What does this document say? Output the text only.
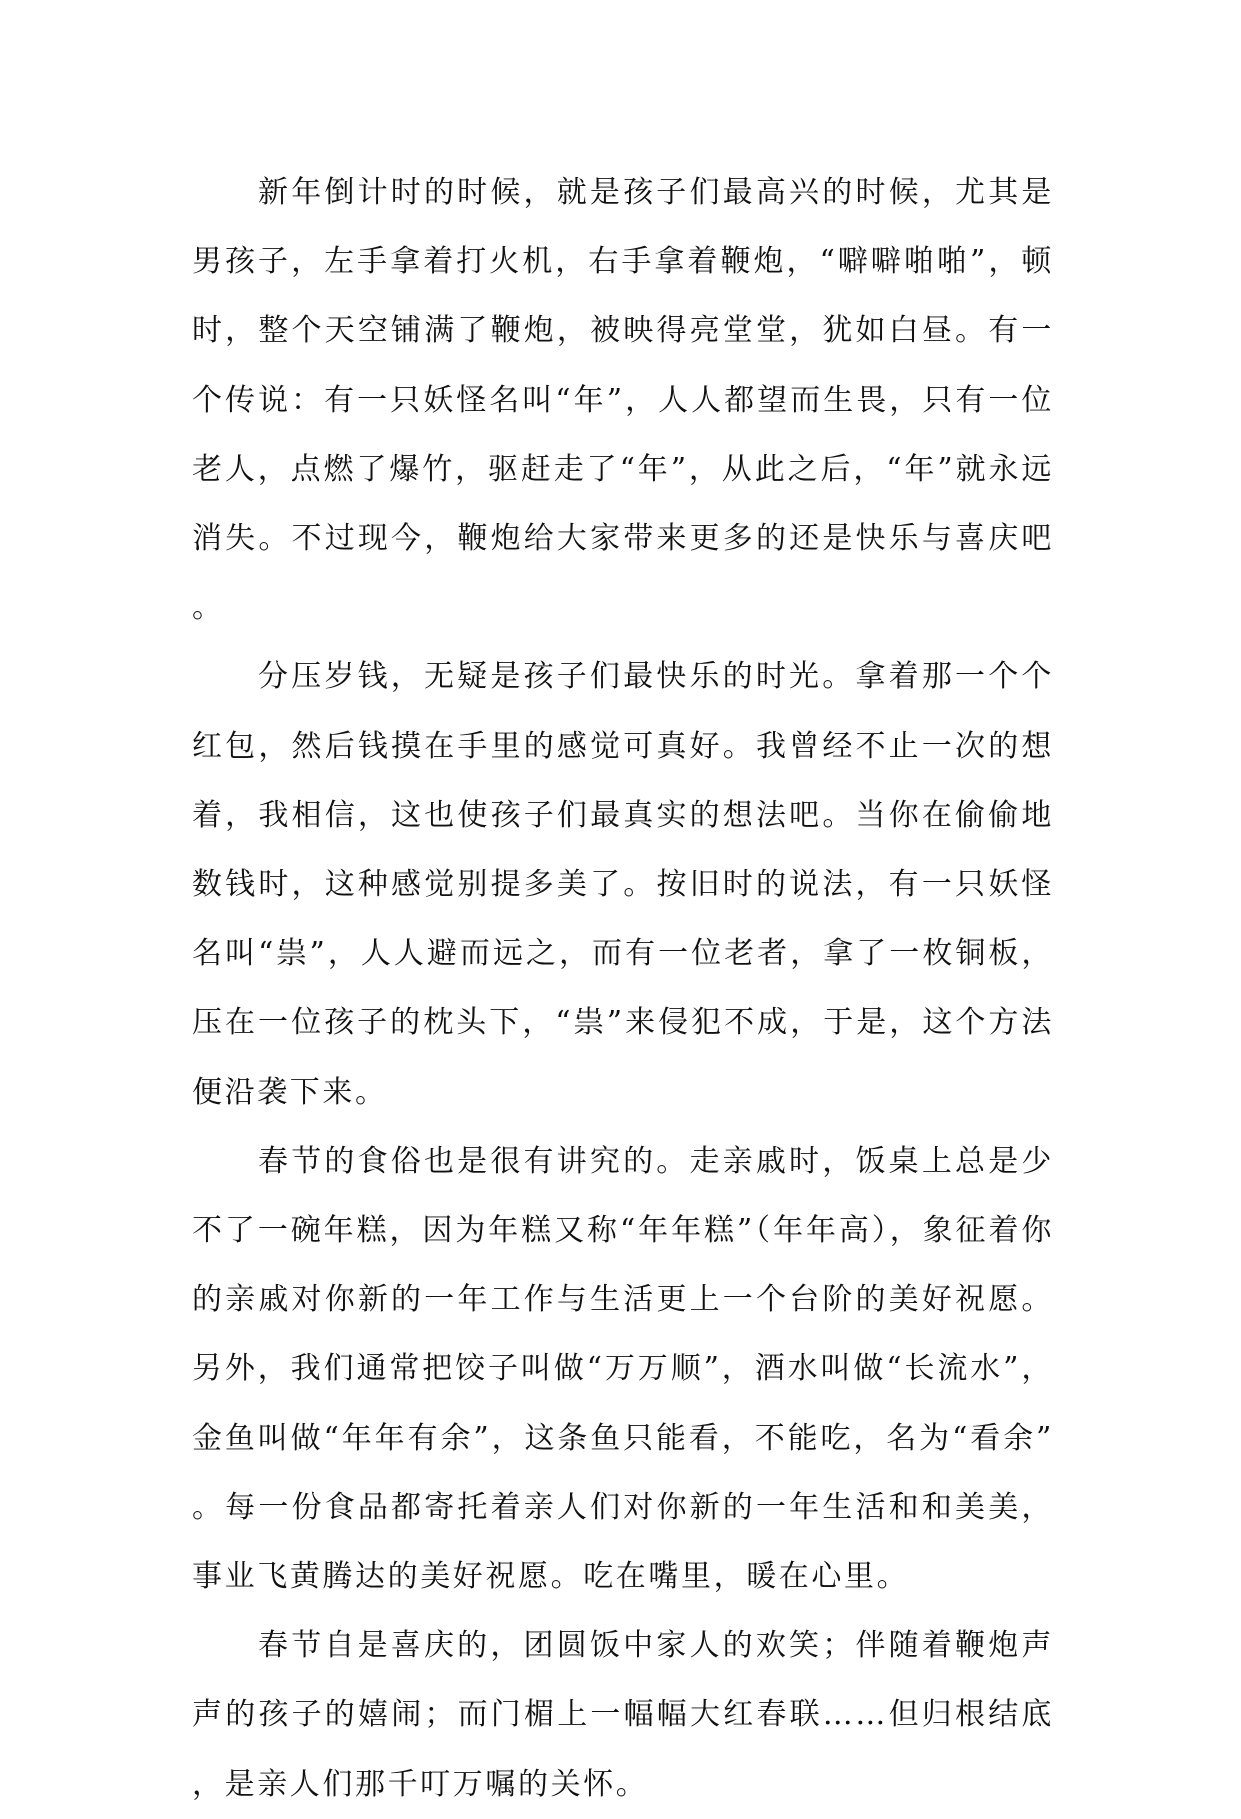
新年倒计时的时候，就是孩子们最高兴的时候，尤其是男孩子，左手拿着打火机，右手拿着鞭炮，“噼噼啪啪”，顿时，整个天空铺满了鞭炮，被映得亮堂堂，犹如白昼。有一个传说：有一只妖怪名叫“年”，人人都望而生畏，只有一位老人，点燃了爆竹，驱赶走了“年”，从此之后，“年”就永远消失。不过现今，鞭炮给大家带来更多的还是快乐与喜庆吧。

分压岁钱，无疑是孩子们最快乐的时光。拿着那一个个红包，然后钱摸在手里的感觉可真好。我曾经不止一次的想着，我相信，这也使孩子们最真实的想法吧。当你在偷偷地数钱时，这种感觉别提多美了。按旧时的说法，有一只妖怪名叫“祟”，人人避而远之，而有一位老者，拿了一枚铜板，压在一位孩子的枕头下，“祟”来侵犯不成，于是，这个方法便沿袭下来。

春节的食俗也是很有讲究的。走亲戚时，饭桌上总是少不了一碗年糕，因为年糕又称“年年糕”（年年高），象征着你的亲戚对你新的一年工作与生活更上一个台阶的美好祝愿。另外，我们通常把饺子叫做“万万顺”，酒水叫做“长流水”，金鱼叫做“年年有余”，这条鱼只能看，不能吃，名为“看余”。每一份食品都寄托着亲人们对你新的一年生活和和美美，事业飞黄腾达的美好祝愿。吃在嘴里，暖在心里。

春节自是喜庆的，团圆饭中家人的欢笑；伴随着鞭炮声声的孩子的嬉闹；而门楣上一幅幅大红春联……但归根结底，是亲人们那千叮万嘱的关怀。
